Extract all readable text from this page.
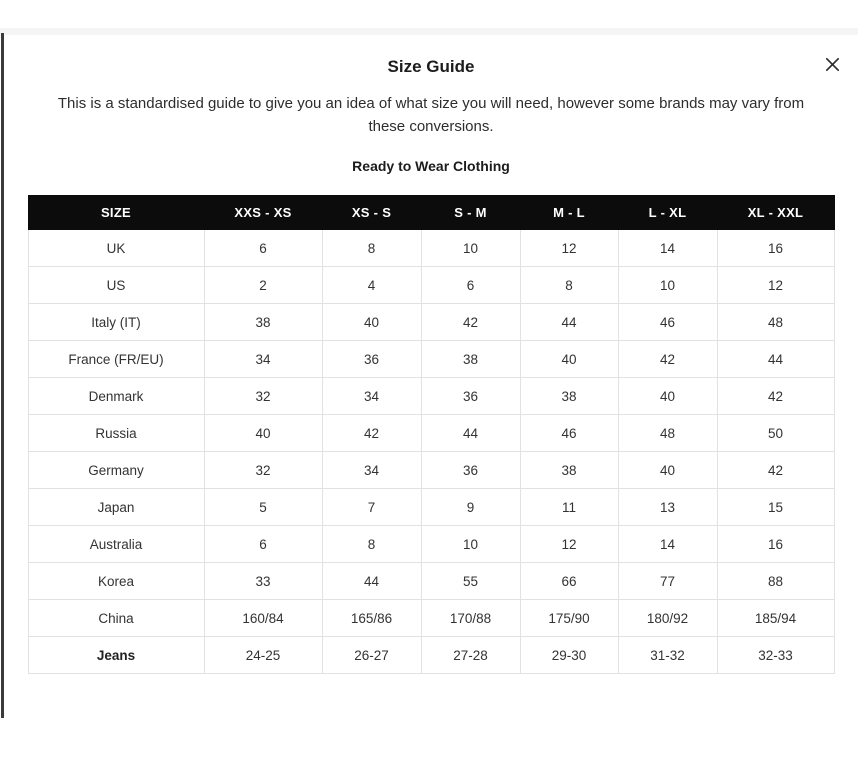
Size Guide

This is a standardised guide to give you an idea of what size you will need, however some brands may vary from these conversions.

Ready to Wear Clothing
SIZE	XXS - XS	XS - S	S - M	M - L	L - XL	XL - XXL
UK	6	8	10	12	14	16
US	2	4	6	8	10	12
Italy (IT)	38	40	42	44	46	48
France (FR/EU)	34	36	38	40	42	44
Denmark	32	34	36	38	40	42
Russia	40	42	44	46	48	50
Germany	32	34	36	38	40	42
Japan	5	7	9	11	13	15
Australia	6	8	10	12	14	16
Korea	33	44	55	66	77	88
China	160/84	165/86	170/88	175/90	180/92	185/94
Jeans	24-25	26-27	27-28	29-30	31-32	32-33
